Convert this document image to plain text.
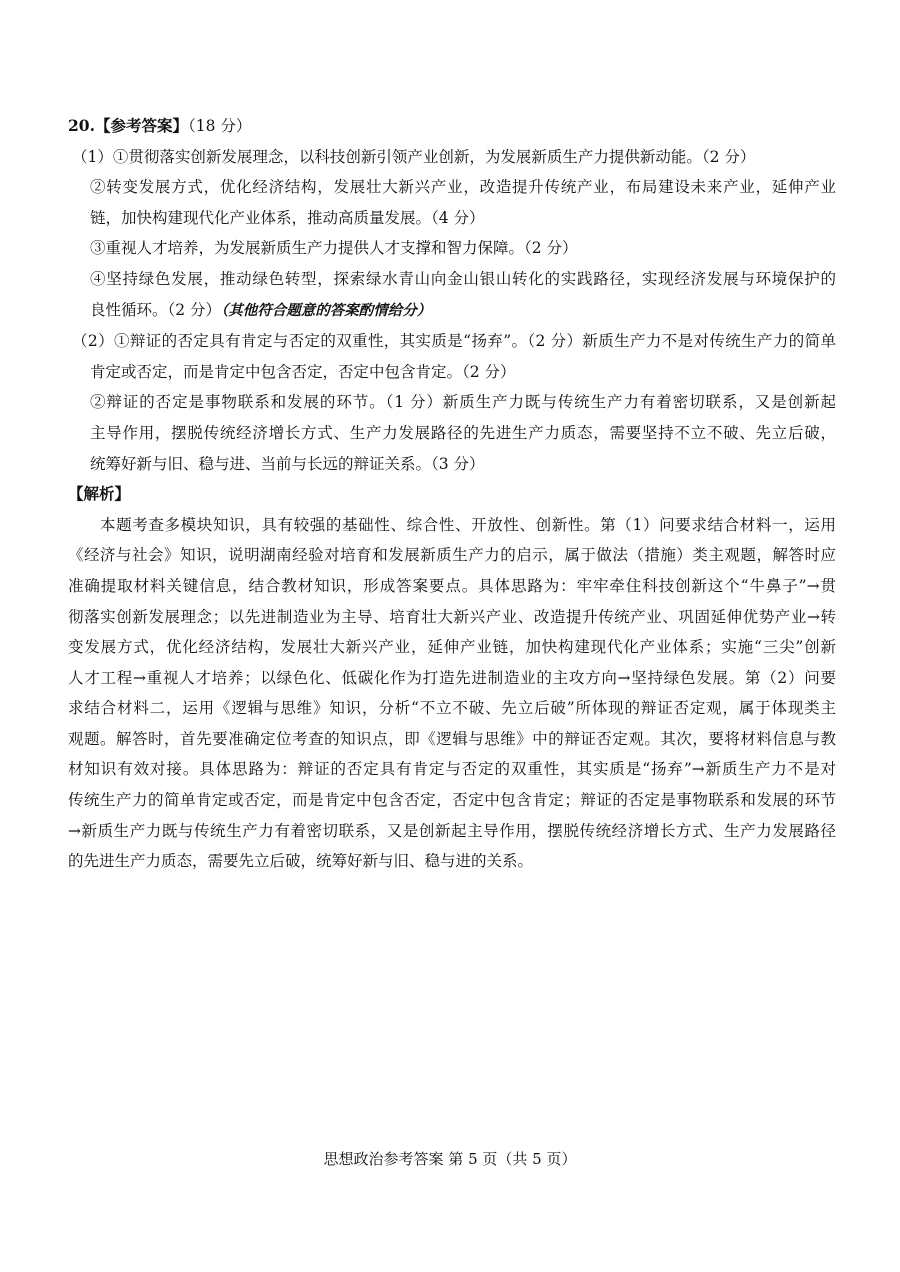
20.【参考答案】（18 分）

（1）①贯彻落实创新发展理念，以科技创新引领产业创新，为发展新质生产力提供新动能。（2 分）

②转变发展方式，优化经济结构，发展壮大新兴产业，改造提升传统产业，布局建设未来产业，延伸产业

链，加快构建现代化产业体系，推动高质量发展。（4 分）

③重视人才培养，为发展新质生产力提供人才支撑和智力保障。（2 分）

④坚持绿色发展，推动绿色转型，探索绿水青山向金山银山转化的实践路径，实现经济发展与环境保护的

良性循环。（2 分）（其他符合题意的答案酌情给分）

（2）①辩证的否定具有肯定与否定的双重性，其实质是“扬弃”。（2 分）新质生产力不是对传统生产力的简单

肯定或否定，而是肯定中包含否定，否定中包含肯定。（2 分）

②辩证的否定是事物联系和发展的环节。（1 分）新质生产力既与传统生产力有着密切联系，又是创新起

主导作用，摆脱传统经济增长方式、生产力发展路径的先进生产力质态，需要坚持不立不破、先立后破，

统筹好新与旧、稳与进、当前与长远的辩证关系。（3 分）

【解析】

本题考查多模块知识，具有较强的基础性、综合性、开放性、创新性。第（1）问要求结合材料一，运用

《经济与社会》知识，说明湖南经验对培育和发展新质生产力的启示，属于做法（措施）类主观题，解答时应

准确提取材料关键信息，结合教材知识，形成答案要点。具体思路为：牢牢牵住科技创新这个“牛鼻子”→贯

彻落实创新发展理念；以先进制造业为主导、培育壮大新兴产业、改造提升传统产业、巩固延伸优势产业→转

变发展方式，优化经济结构，发展壮大新兴产业，延伸产业链，加快构建现代化产业体系；实施“三尖”创新

人才工程→重视人才培养；以绿色化、低碳化作为打造先进制造业的主攻方向→坚持绿色发展。第（2）问要

求结合材料二，运用《逻辑与思维》知识，分析“不立不破、先立后破”所体现的辩证否定观，属于体现类主

观题。解答时，首先要准确定位考查的知识点，即《逻辑与思维》中的辩证否定观。其次，要将材料信息与教

材知识有效对接。具体思路为：辩证的否定具有肯定与否定的双重性，其实质是“扬弃”→新质生产力不是对

传统生产力的简单肯定或否定，而是肯定中包含否定，否定中包含肯定；辩证的否定是事物联系和发展的环节

→新质生产力既与传统生产力有着密切联系，又是创新起主导作用，摆脱传统经济增长方式、生产力发展路径

的先进生产力质态，需要先立后破，统筹好新与旧、稳与进的关系。

思想政治参考答案 第 5 页（共 5 页）
